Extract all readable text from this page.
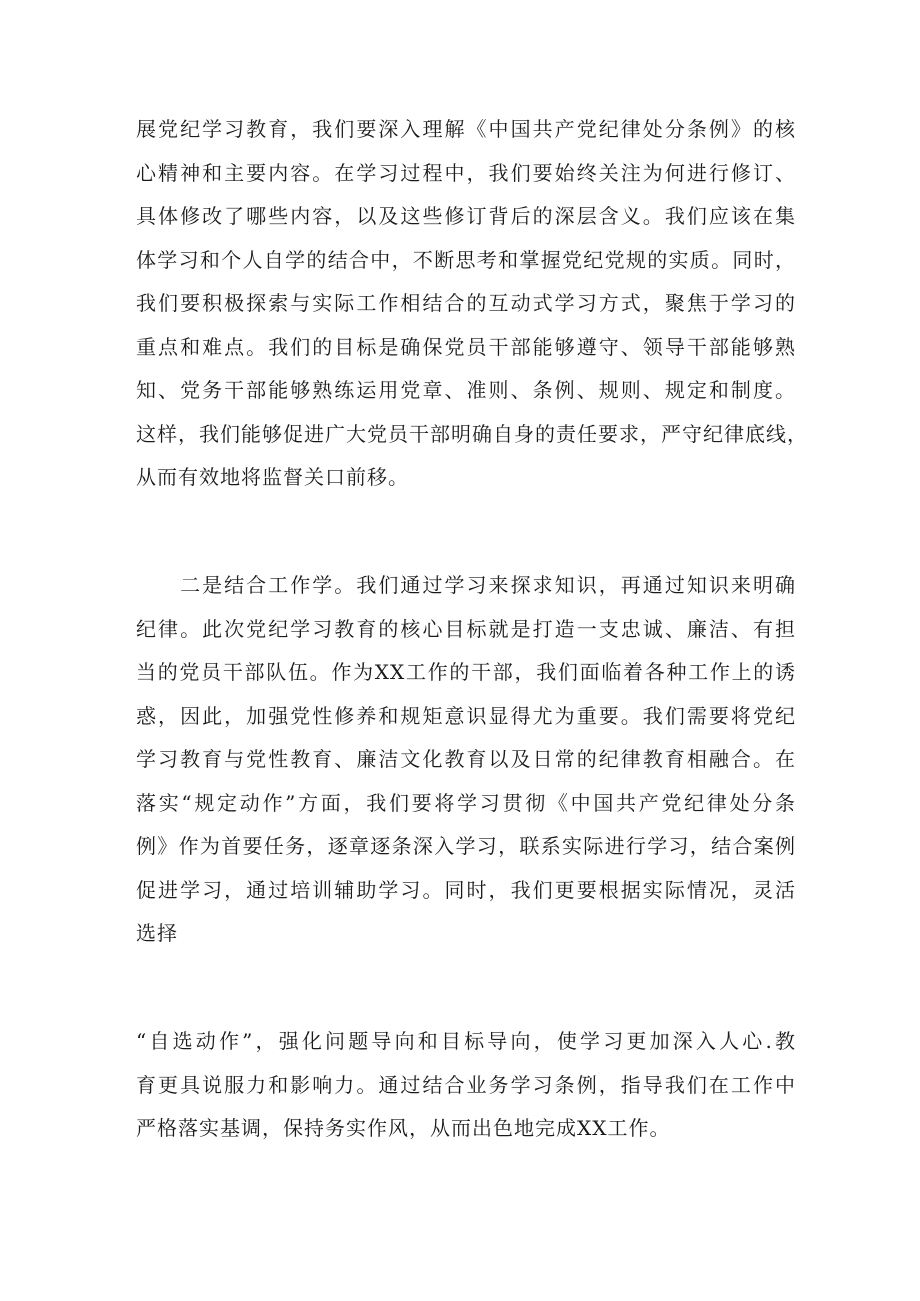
展党纪学习教育，我们要深入理解《中国共产党纪律处分条例》的核
心精神和主要内容。在学习过程中，我们要始终关注为何进行修订、
具体修改了哪些内容，以及这些修订背后的深层含义。我们应该在集
体学习和个人自学的结合中，不断思考和掌握党纪党规的实质。同时，
我们要积极探索与实际工作相结合的互动式学习方式，聚焦于学习的
重点和难点。我们的目标是确保党员干部能够遵守、领导干部能够熟
知、党务干部能够熟练运用党章、准则、条例、规则、规定和制度。
这样，我们能够促进广大党员干部明确自身的责任要求，严守纪律底线，
从而有效地将监督关口前移。
　　二是结合工作学。我们通过学习来探求知识，再通过知识来明确
纪律。此次党纪学习教育的核心目标就是打造一支忠诚、廉洁、有担
当的党员干部队伍。作为XX工作的干部，我们面临着各种工作上的诱
惑，因此，加强党性修养和规矩意识显得尤为重要。我们需要将党纪
学习教育与党性教育、廉洁文化教育以及日常的纪律教育相融合。在
落实“规定动作”方面，我们要将学习贯彻《中国共产党纪律处分条
例》作为首要任务，逐章逐条深入学习，联系实际进行学习，结合案例
促进学习，通过培训辅助学习。同时，我们更要根据实际情况，灵活
选择
“自选动作”，强化问题导向和目标导向，使学习更加深入人心.教
育更具说服力和影响力。通过结合业务学习条例，指导我们在工作中
严格落实基调，保持务实作风，从而出色地完成XX工作。
